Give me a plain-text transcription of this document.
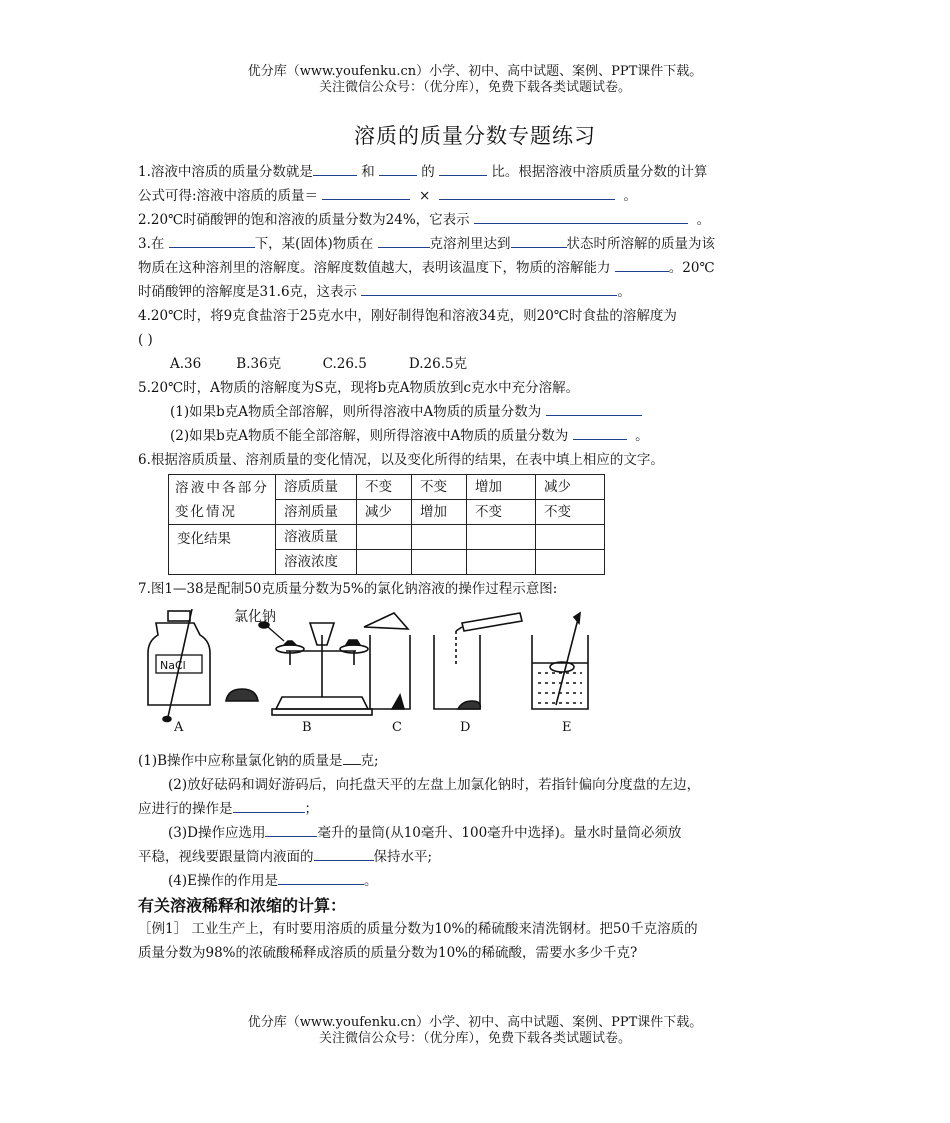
优分库（www.youfenku.cn）小学、初中、高中试题、案例、PPT课件下载。
关注微信公众号：（优分库），免费下载各类试题试卷。
溶质的质量分数专题练习

1.溶液中溶质的质量分数就是	和	的	比。根据溶液中溶质质量分数的计算

公式可得:溶液中溶质的质量＝	×	。

2.20℃时硝酸钾的饱和溶液的质量分数为24%，它表示	。

3.在	下，某(固体)物质在	克溶剂里达到	状态时所溶解的质量为该

物质在这种溶剂里的溶解度。溶解度数值越大，表明该温度下，物质的溶解能力	。20℃

时硝酸钾的溶解度是31.6克，这表示	。

4.20℃时，将9克食盐溶于25克水中，刚好制得饱和溶液34克，则20℃时食盐的溶解度为

( )

A.36	B.36克	C.26.5	D.26.5克

5.20℃时，A物质的溶解度为S克，现将b克A物质放到c克水中充分溶解。

(1)如果b克A物质全部溶解，则所得溶液中A物质的质量分数为

(2)如果b克A物质不能全部溶解，则所得溶液中A物质的质量分数为	。

6.根据溶质质量、溶剂质量的变化情况，以及变化所得的结果，在表中填上相应的文字。

溶液中各部分变化情况	溶质质量	不变	不变	增加	减少
	溶剂质量	减少	增加	不变	不变
变化结果	溶液质量				
	溶液浓度				

7.图1—38是配制50克质量分数为5%的氯化钠溶液的操作过程示意图:

氯化钠
NaCl
A	B	C	D	E

(1)B操作中应称量氯化钠的质量是 克;

(2)放好砝码和调好游码后，向托盘天平的左盘上加氯化钠时，若指针偏向分度盘的左边，

应进行的操作是	；

(3)D操作应选用	毫升的量筒(从10毫升、100毫升中选择)。量水时量筒必须放

平稳，视线要跟量筒内液面的	保持水平;

(4)E操作的作用是	。

有关溶液稀释和浓缩的计算：

［例1］ 工业生产上，有时要用溶质的质量分数为10%的稀硫酸来清洗钢材。把50千克溶质的

质量分数为98%的浓硫酸稀释成溶质的质量分数为10%的稀硫酸，需要水多少千克?

优分库（www.youfenku.cn）小学、初中、高中试题、案例、PPT课件下载。
关注微信公众号：（优分库），免费下载各类试题试卷。
